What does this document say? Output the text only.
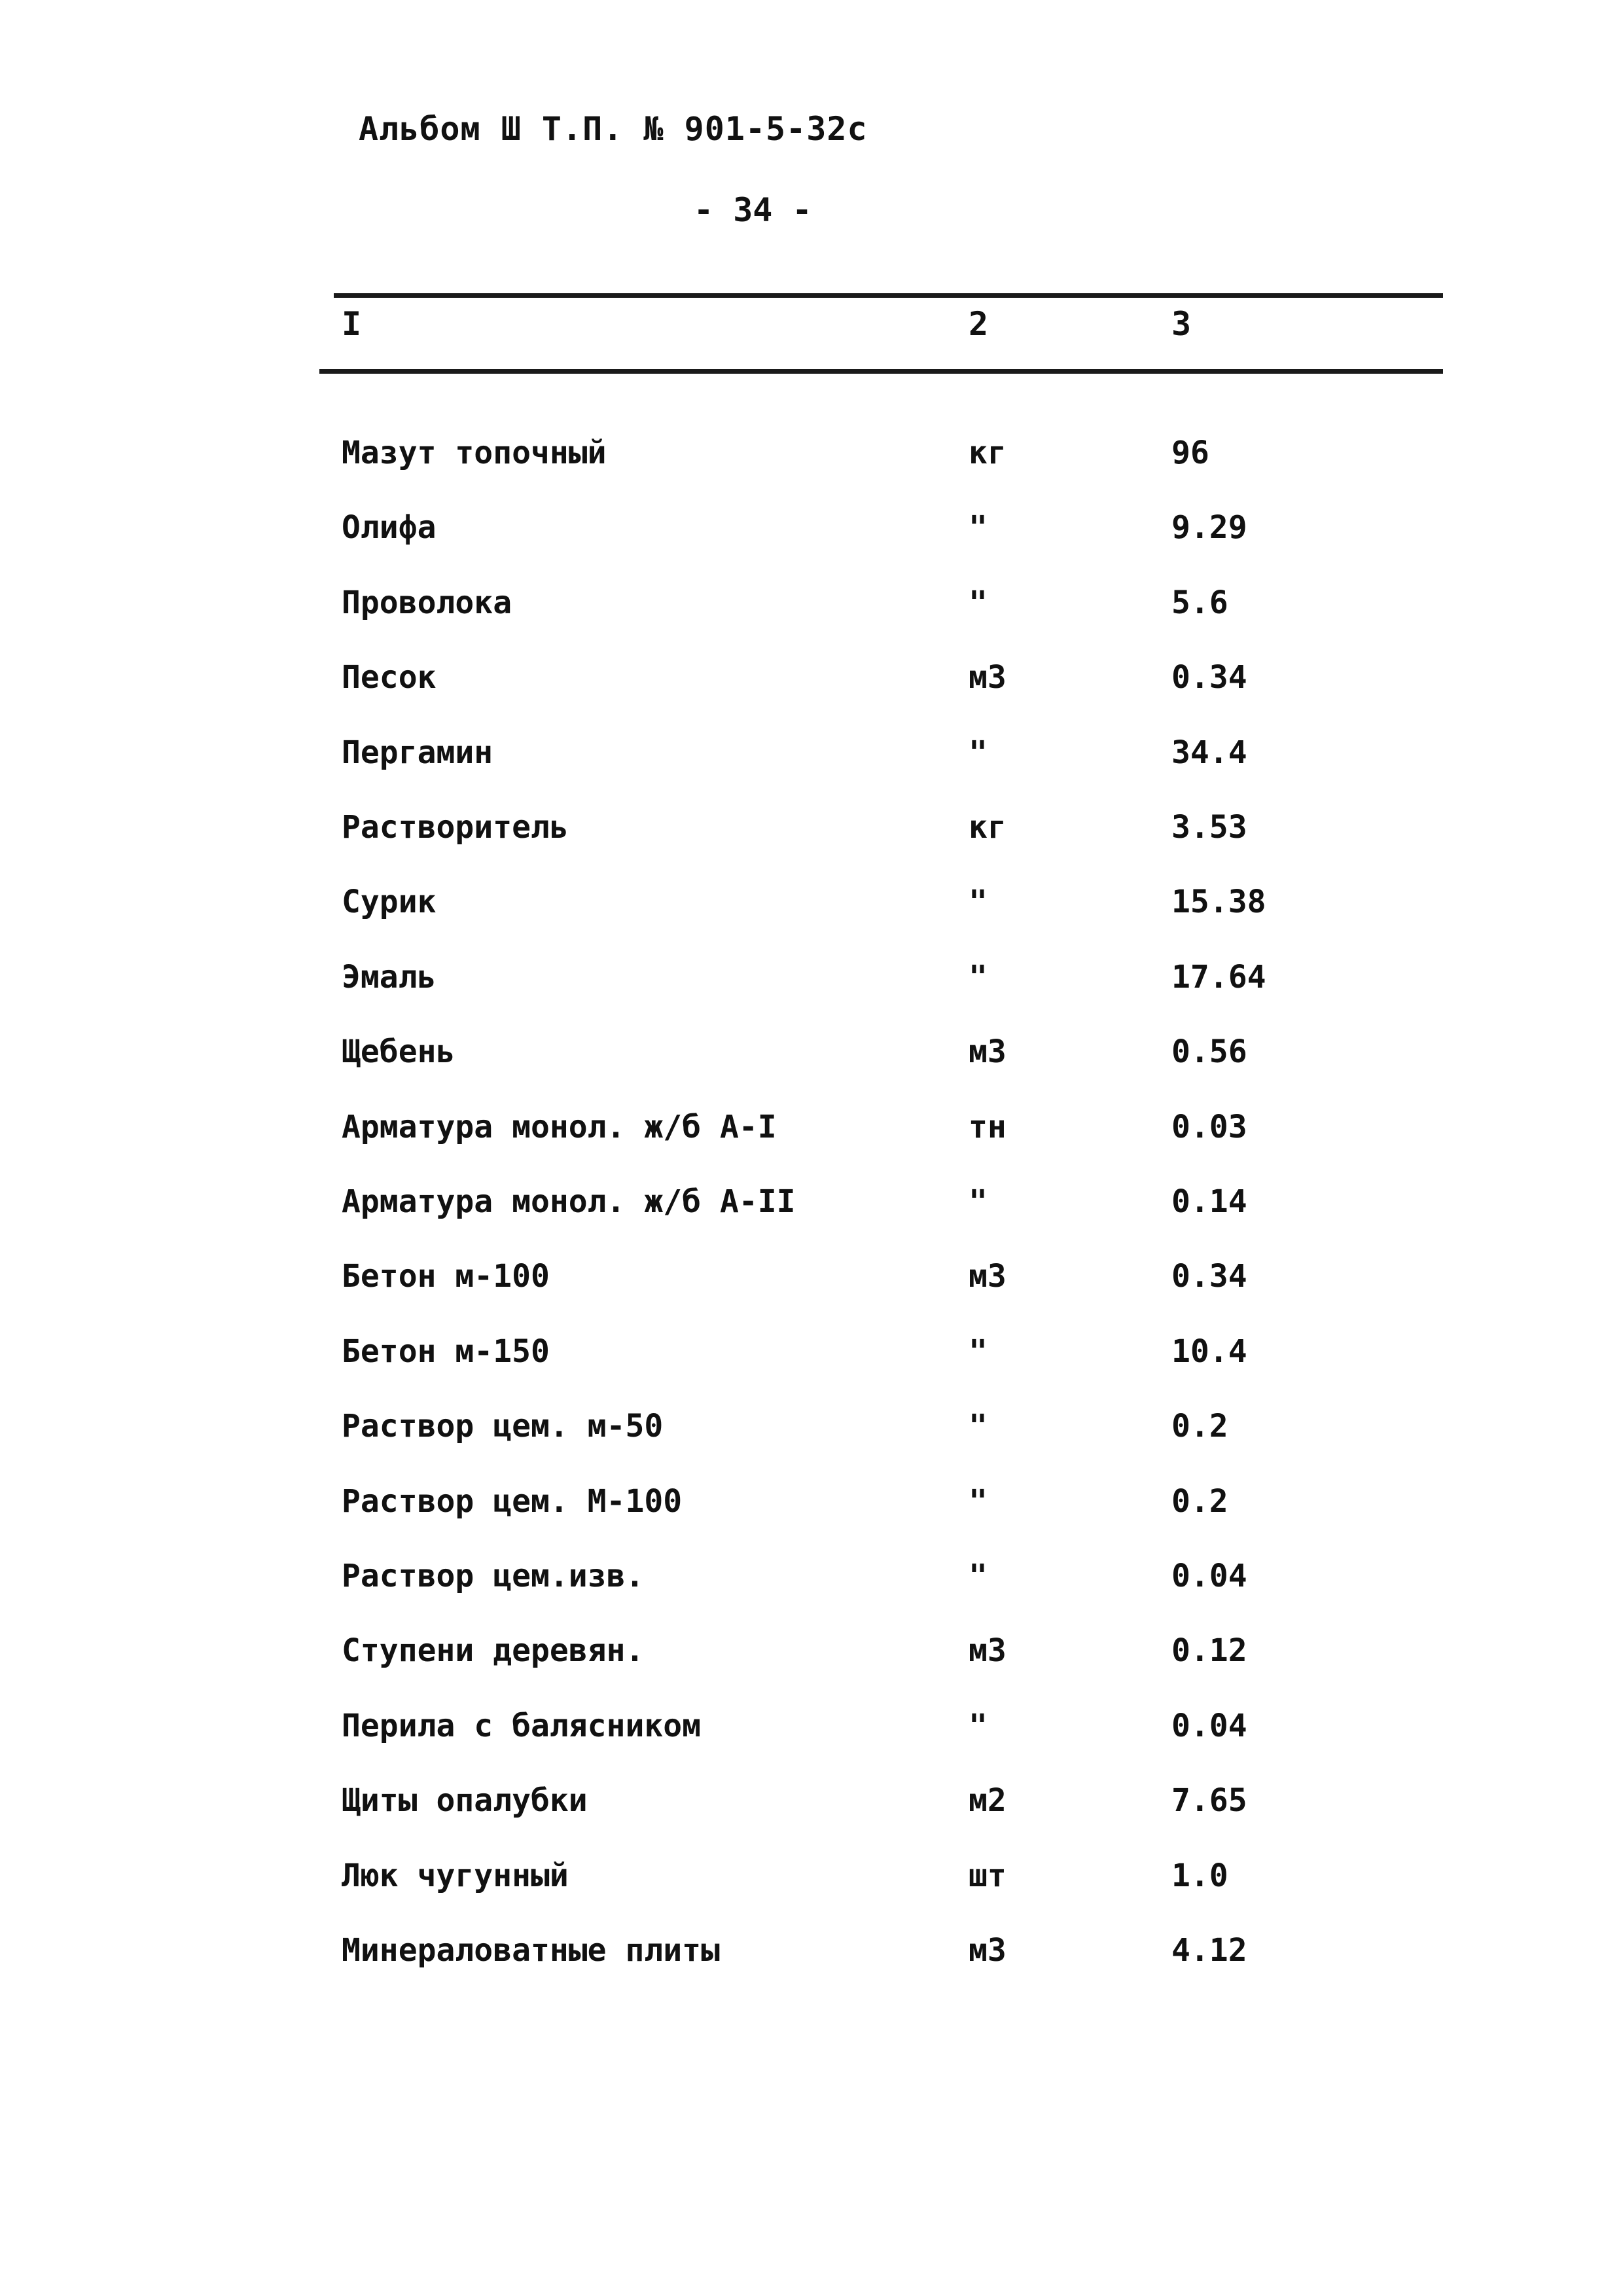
Альбом Ш Т.П. № 901-5-32с
- 34 -
I	2	3
Мазут топочный	кг	96
Олифа	"	9.29
Проволока	"	5.6
Песок	м3	0.34
Пергамин	"	34.4
Растворитель	кг	3.53
Сурик	"	15.38
Эмаль	"	17.64
Щебень	м3	0.56
Арматура монол. ж/б А-I	тн	0.03
Арматура монол. ж/б А-II	"	0.14
Бетон м-100	м3	0.34
Бетон м-150	"	10.4
Раствор цем. м-50	"	0.2
Раствор цем. М-100	"	0.2
Раствор цем.изв.	"	0.04
Ступени деревян.	м3	0.12
Перила с балясником	"	0.04
Щиты опалубки	м2	7.65
Люк чугунный	шт	1.0
Минераловатные плиты	м3	4.12
